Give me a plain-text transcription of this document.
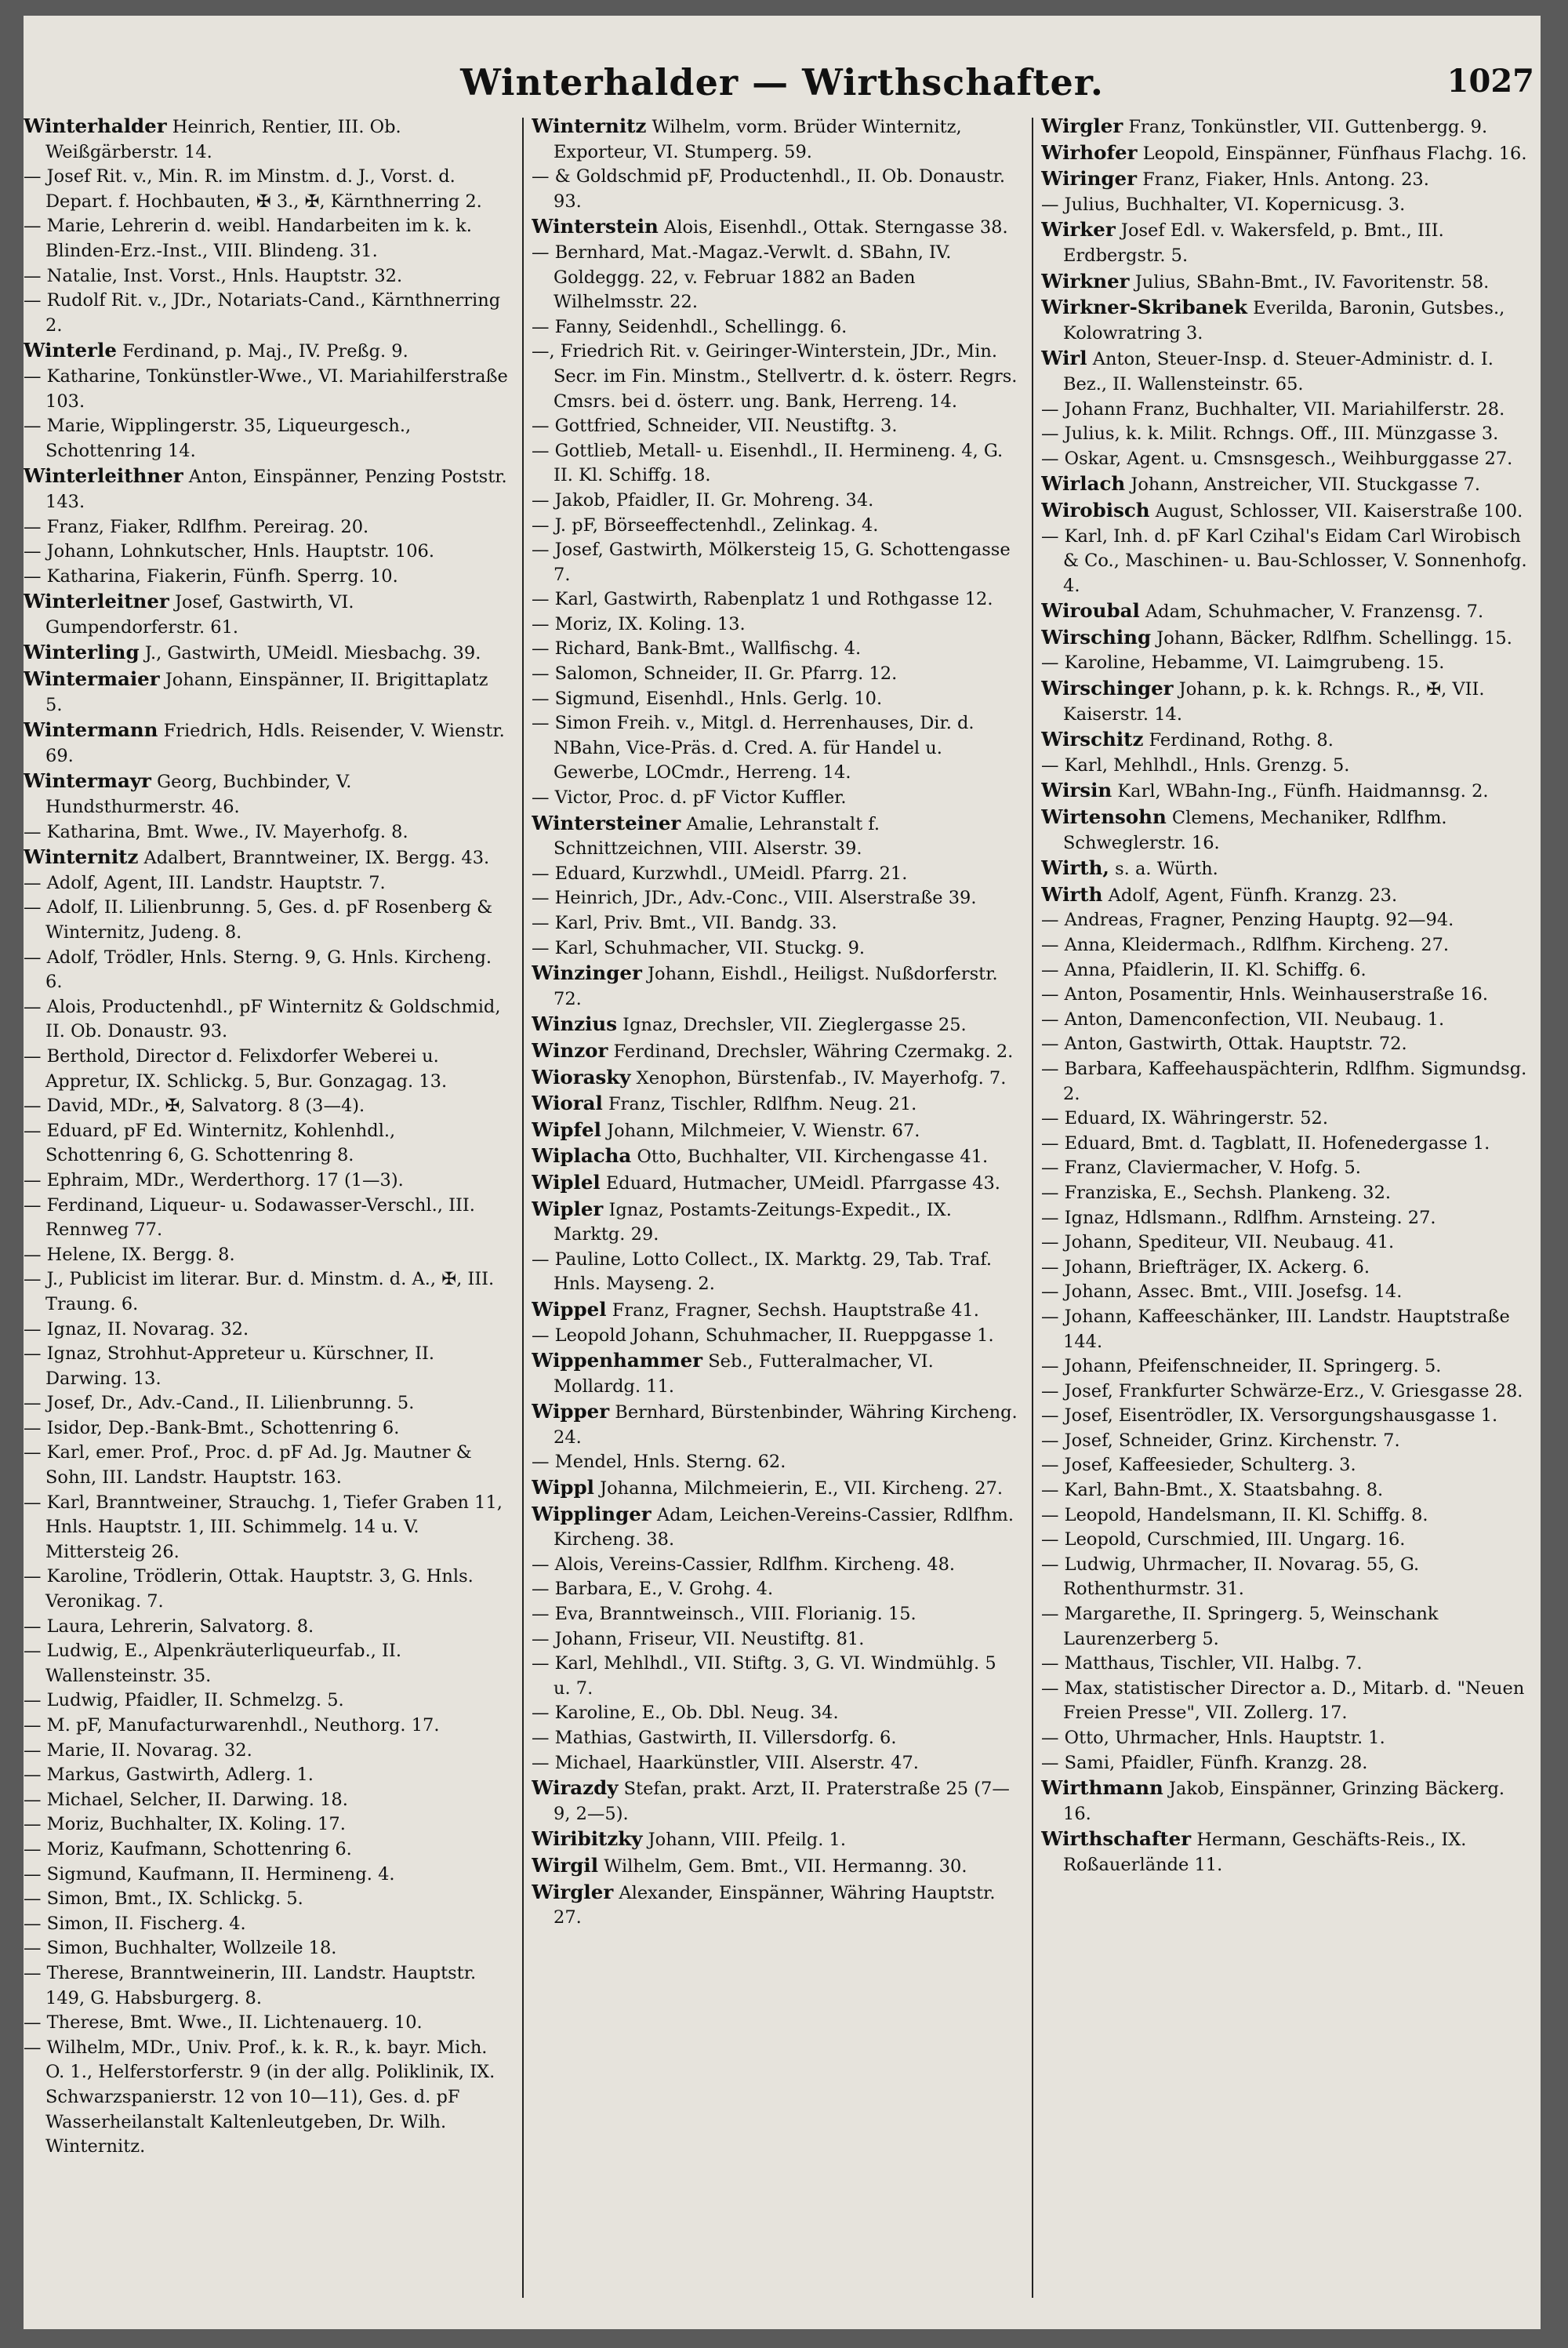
Winterhalder — Wirthschafter.	1027
Winterhalder Heinrich, Rentier, III. Ob. Weißgärberstr. 14.
— Josef Rit. v., Min. R. im Minstm. d. J., Vorst. d. Depart. f. Hochbauten, ✠ 3., ✠, Kärnthnerring 2.
— Marie, Lehrerin d. weibl. Handarbeiten im k. k. Blinden-Erz.-Inst., VIII. Blindeng. 31.
— Natalie, Inst. Vorst., Hnls. Hauptstr. 32.
— Rudolf Rit. v., JDr., Notariats-Cand., Kärnthnerring 2.
Winterle Ferdinand, p. Maj., IV. Preßg. 9.
— Katharine, Tonkünstler-Wwe., VI. Mariahilferstraße 103.
— Marie, Wipplingerstr. 35, Liqueurgesch., Schottenring 14.
Winterleithner Anton, Einspänner, Penzing Poststr. 143.
— Franz, Fiaker, Rdlfhm. Pereirag. 20.
— Johann, Lohnkutscher, Hnls. Hauptstr. 106.
— Katharina, Fiakerin, Fünfh. Sperrg. 10.
Winterleitner Josef, Gastwirth, VI. Gumpendorferstr. 61.
Winterling J., Gastwirth, UMeidl. Miesbachg. 39.
Wintermaier Johann, Einspänner, II. Brigittaplatz 5.
Wintermann Friedrich, Hdls. Reisender, V. Wienstr. 69.
Wintermayr Georg, Buchbinder, V. Hundsthurmerstr. 46.
— Katharina, Bmt. Wwe., IV. Mayerhofg. 8.
Winternitz Adalbert, Branntweiner, IX. Bergg. 43.
— Adolf, Agent, III. Landstr. Hauptstr. 7.
— Adolf, II. Lilienbrunng. 5, Ges. d. pF Rosenberg & Winternitz, Judeng. 8.
— Adolf, Trödler, Hnls. Sterng. 9, G. Hnls. Kircheng. 6.
— Alois, Productenhdl., pF Winternitz & Goldschmid, II. Ob. Donaustr. 93.
— Berthold, Director d. Felixdorfer Weberei u. Appretur, IX. Schlickg. 5, Bur. Gonzagag. 13.
— David, MDr., ✠, Salvatorg. 8 (3—4).
— Eduard, pF Ed. Winternitz, Kohlenhdl., Schottenring 6, G. Schottenring 8.
— Ephraim, MDr., Werderthorg. 17 (1—3).
— Ferdinand, Liqueur- u. Sodawasser-Verschl., III. Rennweg 77.
— Helene, IX. Bergg. 8.
— J., Publicist im literar. Bur. d. Minstm. d. A., ✠, III. Traung. 6.
— Ignaz, II. Novarag. 32.
— Ignaz, Strohhut-Appreteur u. Kürschner, II. Darwing. 13.
— Josef, Dr., Adv.-Cand., II. Lilienbrunng. 5.
— Isidor, Dep.-Bank-Bmt., Schottenring 6.
— Karl, emer. Prof., Proc. d. pF Ad. Jg. Mautner & Sohn, III. Landstr. Hauptstr. 163.
— Karl, Branntweiner, Strauchg. 1, Tiefer Graben 11, Hnls. Hauptstr. 1, III. Schimmelg. 14 u. V. Mittersteig 26.
— Karoline, Trödlerin, Ottak. Hauptstr. 3, G. Hnls. Veronikag. 7.
— Laura, Lehrerin, Salvatorg. 8.
— Ludwig, E., Alpenkräuterliqueurfab., II. Wallensteinstr. 35.
— Ludwig, Pfaidler, II. Schmelzg. 5.
— M. pF, Manufacturwarenhdl., Neuthorg. 17.
— Marie, II. Novarag. 32.
— Markus, Gastwirth, Adlerg. 1.
— Michael, Selcher, II. Darwing. 18.
— Moriz, Buchhalter, IX. Koling. 17.
— Moriz, Kaufmann, Schottenring 6.
— Sigmund, Kaufmann, II. Hermineng. 4.
— Simon, Bmt., IX. Schlickg. 5.
— Simon, II. Fischerg. 4.
— Simon, Buchhalter, Wollzeile 18.
— Therese, Branntweinerin, III. Landstr. Hauptstr. 149, G. Habsburgerg. 8.
— Therese, Bmt. Wwe., II. Lichtenauerg. 10.
— Wilhelm, MDr., Univ. Prof., k. k. R., k. bayr. Mich. O. 1., Helferstorferstr. 9 (in der allg. Poliklinik, IX. Schwarzspanierstr. 12 von 10—11), Ges. d. pF Wasserheilanstalt Kaltenleutgeben, Dr. Wilh. Winternitz.
Winternitz Wilhelm, vorm. Brüder Winternitz, Exporteur, VI. Stumperg. 59.
— & Goldschmid pF, Productenhdl., II. Ob. Donaustr. 93.
Winterstein Alois, Eisenhdl., Ottak. Sterngasse 38.
— Bernhard, Mat.-Magaz.-Verwlt. d. SBahn, IV. Goldeggg. 22, v. Februar 1882 an Baden Wilhelmsstr. 22.
— Fanny, Seidenhdl., Schellingg. 6.
—, Friedrich Rit. v. Geiringer-Winterstein, JDr., Min. Secr. im Fin. Minstm., Stellvertr. d. k. österr. Regrs. Cmsrs. bei d. österr. ung. Bank, Herreng. 14.
— Gottfried, Schneider, VII. Neustiftg. 3.
— Gottlieb, Metall- u. Eisenhdl., II. Hermineng. 4, G. II. Kl. Schiffg. 18.
— Jakob, Pfaidler, II. Gr. Mohreng. 34.
— J. pF, Börseeffectenhdl., Zelinkag. 4.
— Josef, Gastwirth, Mölkersteig 15, G. Schottengasse 7.
— Karl, Gastwirth, Rabenplatz 1 und Rothgasse 12.
— Moriz, IX. Koling. 13.
— Richard, Bank-Bmt., Wallfischg. 4.
— Salomon, Schneider, II. Gr. Pfarrg. 12.
— Sigmund, Eisenhdl., Hnls. Gerlg. 10.
— Simon Freih. v., Mitgl. d. Herrenhauses, Dir. d. NBahn, Vice-Präs. d. Cred. A. für Handel u. Gewerbe, LOCmdr., Herreng. 14.
— Victor, Proc. d. pF Victor Kuffler.
Wintersteiner Amalie, Lehranstalt f. Schnittzeichnen, VIII. Alserstr. 39.
— Eduard, Kurzwhdl., UMeidl. Pfarrg. 21.
— Heinrich, JDr., Adv.-Conc., VIII. Alserstraße 39.
— Karl, Priv. Bmt., VII. Bandg. 33.
— Karl, Schuhmacher, VII. Stuckg. 9.
Winzinger Johann, Eishdl., Heiligst. Nußdorferstr. 72.
Winzius Ignaz, Drechsler, VII. Zieglergasse 25.
Winzor Ferdinand, Drechsler, Währing Czermakg. 2.
Wiorasky Xenophon, Bürstenfab., IV. Mayerhofg. 7.
Wioral Franz, Tischler, Rdlfhm. Neug. 21.
Wipfel Johann, Milchmeier, V. Wienstr. 67.
Wiplacha Otto, Buchhalter, VII. Kirchengasse 41.
Wiplel Eduard, Hutmacher, UMeidl. Pfarrgasse 43.
Wipler Ignaz, Postamts-Zeitungs-Expedit., IX. Marktg. 29.
— Pauline, Lotto Collect., IX. Marktg. 29, Tab. Traf. Hnls. Mayseng. 2.
Wippel Franz, Fragner, Sechsh. Hauptstraße 41.
— Leopold Johann, Schuhmacher, II. Rueppgasse 1.
Wippenhammer Seb., Futteralmacher, VI. Mollardg. 11.
Wipper Bernhard, Bürstenbinder, Währing Kircheng. 24.
— Mendel, Hnls. Sterng. 62.
Wippl Johanna, Milchmeierin, E., VII. Kircheng. 27.
Wipplinger Adam, Leichen-Vereins-Cassier, Rdlfhm. Kircheng. 38.
— Alois, Vereins-Cassier, Rdlfhm. Kircheng. 48.
— Barbara, E., V. Grohg. 4.
— Eva, Branntweinsch., VIII. Florianig. 15.
— Johann, Friseur, VII. Neustiftg. 81.
— Karl, Mehlhdl., VII. Stiftg. 3, G. VI. Windmühlg. 5 u. 7.
— Karoline, E., Ob. Dbl. Neug. 34.
— Mathias, Gastwirth, II. Villersdorfg. 6.
— Michael, Haarkünstler, VIII. Alserstr. 47.
Wirazdy Stefan, prakt. Arzt, II. Praterstraße 25 (7—9, 2—5).
Wiribitzky Johann, VIII. Pfeilg. 1.
Wirgil Wilhelm, Gem. Bmt., VII. Hermanng. 30.
Wirgler Alexander, Einspänner, Währing Hauptstr. 27.
Wirgler Franz, Tonkünstler, VII. Guttenbergg. 9.
Wirhofer Leopold, Einspänner, Fünfhaus Flachg. 16.
Wiringer Franz, Fiaker, Hnls. Antong. 23.
— Julius, Buchhalter, VI. Kopernicusg. 3.
Wirker Josef Edl. v. Wakersfeld, p. Bmt., III. Erdbergstr. 5.
Wirkner Julius, SBahn-Bmt., IV. Favoritenstr. 58.
Wirkner-Skribanek Everilda, Baronin, Gutsbes., Kolowratring 3.
Wirl Anton, Steuer-Insp. d. Steuer-Administr. d. I. Bez., II. Wallensteinstr. 65.
— Johann Franz, Buchhalter, VII. Mariahilferstr. 28.
— Julius, k. k. Milit. Rchngs. Off., III. Münzgasse 3.
— Oskar, Agent. u. Cmsnsgesch., Weihburggasse 27.
Wirlach Johann, Anstreicher, VII. Stuckgasse 7.
Wirobisch August, Schlosser, VII. Kaiserstraße 100.
— Karl, Inh. d. pF Karl Czihal's Eidam Carl Wirobisch & Co., Maschinen- u. Bau-Schlosser, V. Sonnenhofg. 4.
Wiroubal Adam, Schuhmacher, V. Franzensg. 7.
Wirsching Johann, Bäcker, Rdlfhm. Schellingg. 15.
— Karoline, Hebamme, VI. Laimgrubeng. 15.
Wirschinger Johann, p. k. k. Rchngs. R., ✠, VII. Kaiserstr. 14.
Wirschitz Ferdinand, Rothg. 8.
— Karl, Mehlhdl., Hnls. Grenzg. 5.
Wirsin Karl, WBahn-Ing., Fünfh. Haidmannsg. 2.
Wirtensohn Clemens, Mechaniker, Rdlfhm. Schweglerstr. 16.
Wirth, s. a. Würth.
Wirth Adolf, Agent, Fünfh. Kranzg. 23.
— Andreas, Fragner, Penzing Hauptg. 92—94.
— Anna, Kleidermach., Rdlfhm. Kircheng. 27.
— Anna, Pfaidlerin, II. Kl. Schiffg. 6.
— Anton, Posamentir, Hnls. Weinhauserstraße 16.
— Anton, Damenconfection, VII. Neubaug. 1.
— Anton, Gastwirth, Ottak. Hauptstr. 72.
— Barbara, Kaffeehauspächterin, Rdlfhm. Sigmundsg. 2.
— Eduard, IX. Währingerstr. 52.
— Eduard, Bmt. d. Tagblatt, II. Hofenedergasse 1.
— Franz, Claviermacher, V. Hofg. 5.
— Franziska, E., Sechsh. Plankeng. 32.
— Ignaz, Hdlsmann., Rdlfhm. Arnsteing. 27.
— Johann, Spediteur, VII. Neubaug. 41.
— Johann, Briefträger, IX. Ackerg. 6.
— Johann, Assec. Bmt., VIII. Josefsg. 14.
— Johann, Kaffeeschänker, III. Landstr. Hauptstraße 144.
— Johann, Pfeifenschneider, II. Springerg. 5.
— Josef, Frankfurter Schwärze-Erz., V. Griesgasse 28.
— Josef, Eisentrödler, IX. Versorgungshausgasse 1.
— Josef, Schneider, Grinz. Kirchenstr. 7.
— Josef, Kaffeesieder, Schulterg. 3.
— Karl, Bahn-Bmt., X. Staatsbahng. 8.
— Leopold, Handelsmann, II. Kl. Schiffg. 8.
— Leopold, Curschmied, III. Ungarg. 16.
— Ludwig, Uhrmacher, II. Novarag. 55, G. Rothenthurmstr. 31.
— Margarethe, II. Springerg. 5, Weinschank Laurenzerberg 5.
— Matthaus, Tischler, VII. Halbg. 7.
— Max, statistischer Director a. D., Mitarb. d. "Neuen Freien Presse", VII. Zollerg. 17.
— Otto, Uhrmacher, Hnls. Hauptstr. 1.
— Sami, Pfaidler, Fünfh. Kranzg. 28.
Wirthmann Jakob, Einspänner, Grinzing Bäckerg. 16.
Wirthschafter Hermann, Geschäfts-Reis., IX. Roßauerlände 11.
